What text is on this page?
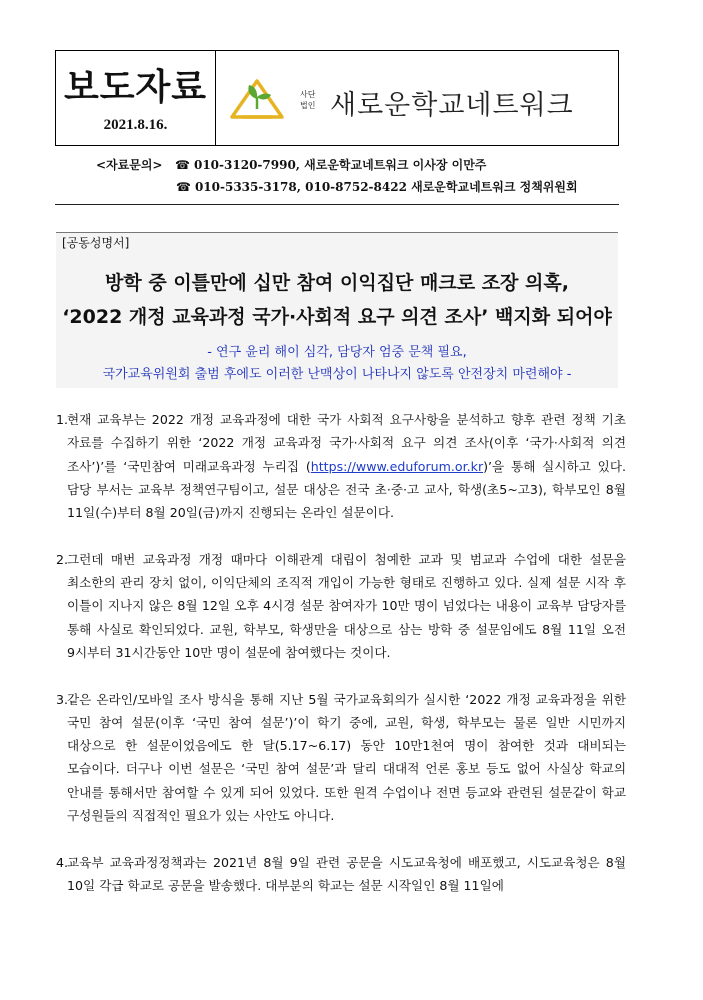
보도자료
2021.8.16.
사단
법인 새로운학교네트워크
<자료문의> ☎ 010-3120-7990, 새로운학교네트워크 이사장 이만주
☎ 010-5335-3178, 010-8752-8422 새로운학교네트워크 정책위원회
[공동성명서]
방학 중 이틀만에 십만 참여 이익집단 매크로 조장 의혹,
‘2022 개정 교육과정 국가·사회적 요구 의견 조사’ 백지화 되어야
- 연구 윤리 해이 심각, 담당자 엄중 문책 필요,
국가교육위원회 출범 후에도 이러한 난맥상이 나타나지 않도록 안전장치 마련해야 -
1.
현재 교육부는 2022 개정 교육과정에 대한 국가 사회적 요구사항을 분석하고 향후 관련 정책 기초 자료를 수집하기 위한 ‘2022 개정 교육과정 국가·사회적 요구 의견 조사(이후 ‘국가·사회적 의견 조사’)’를 ‘국민참여 미래교육과정 누리집 (https://www.eduforum.or.kr)’을 통해 실시하고 있다. 담당 부서는 교육부 정책연구팀이고, 설문 대상은 전국 초·중·고 교사, 학생(초5~고3), 학부모인 8월 11일(수)부터 8월 20일(금)까지 진행되는 온라인 설문이다.
2.
그런데 매번 교육과정 개정 때마다 이해관계 대립이 첨예한 교과 및 범교과 수업에 대한 설문을 최소한의 관리 장치 없이, 이익단체의 조직적 개입이 가능한 형태로 진행하고 있다. 실제 설문 시작 후 이틀이 지나지 않은 8월 12일 오후 4시경 설문 참여자가 10만 명이 넘었다는 내용이 교육부 담당자를 통해 사실로 확인되었다. 교원, 학부모, 학생만을 대상으로 삼는 방학 중 설문임에도 8월 11일 오전 9시부터 31시간동안 10만 명이 설문에 참여했다는 것이다.
3.
같은 온라인/모바일 조사 방식을 통해 지난 5월 국가교육회의가 실시한 ‘2022 개정 교육과정을 위한 국민 참여 설문(이후 ‘국민 참여 설문’)’이 학기 중에, 교원, 학생, 학부모는 물론 일반 시민까지 대상으로 한 설문이었음에도 한 달(5.17~6.17) 동안 10만1천여 명이 참여한 것과 대비되는 모습이다. 더구나 이번 설문은 ‘국민 참여 설문’과 달리 대대적 언론 홍보 등도 없어 사실상 학교의 안내를 통해서만 참여할 수 있게 되어 있었다. 또한 원격 수업이나 전면 등교와 관련된 설문같이 학교 구성원들의 직접적인 필요가 있는 사안도 아니다.
4.
교육부 교육과정정책과는 2021년 8월 9일 관련 공문을 시도교육청에 배포했고, 시도교육청은 8월 10일 각급 학교로 공문을 발송했다. 대부분의 학교는 설문 시작일인 8월 11일에
